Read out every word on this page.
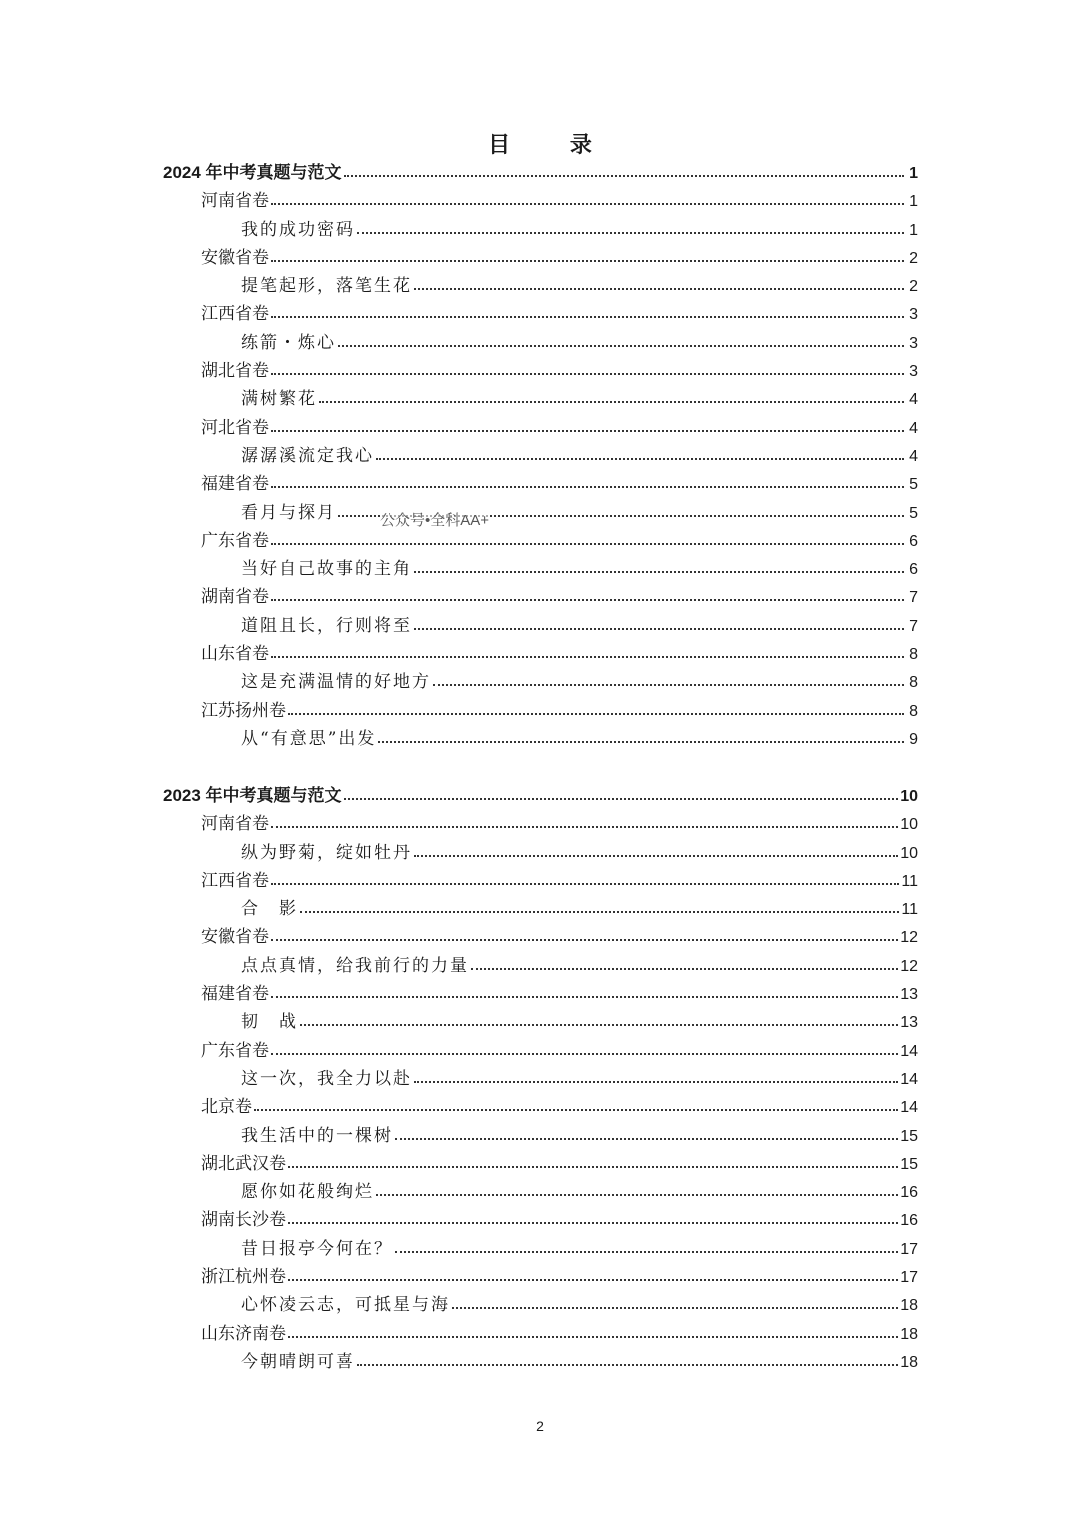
目 录
2024 年中考真题与范文	1
河南省卷	1
我的成功密码	1
安徽省卷	2
提笔起形，落笔生花	2
江西省卷	3
练箭・炼心	3
湖北省卷	3
满树繁花	4
河北省卷	4
潺潺溪流定我心	4
福建省卷	5
看月与探月	5
广东省卷	6
当好自己故事的主角	6
湖南省卷	7
道阻且长，行则将至	7
山东省卷	8
这是充满温情的好地方	8
江苏扬州卷	8
从“有意思”出发	9
2023 年中考真题与范文	10
河南省卷	10
纵为野菊，绽如牡丹	10
江西省卷	11
合　影	11
安徽省卷	12
点点真情，给我前行的力量	12
福建省卷	13
韧　战	13
广东省卷	14
这一次，我全力以赴	14
北京卷	14
我生活中的一棵树	15
湖北武汉卷	15
愿你如花般绚烂	16
湖南长沙卷	16
昔日报亭今何在？	17
浙江杭州卷	17
心怀凌云志，可抵星与海	18
山东济南卷	18
今朝晴朗可喜	18
公众号•全科AA+
2
